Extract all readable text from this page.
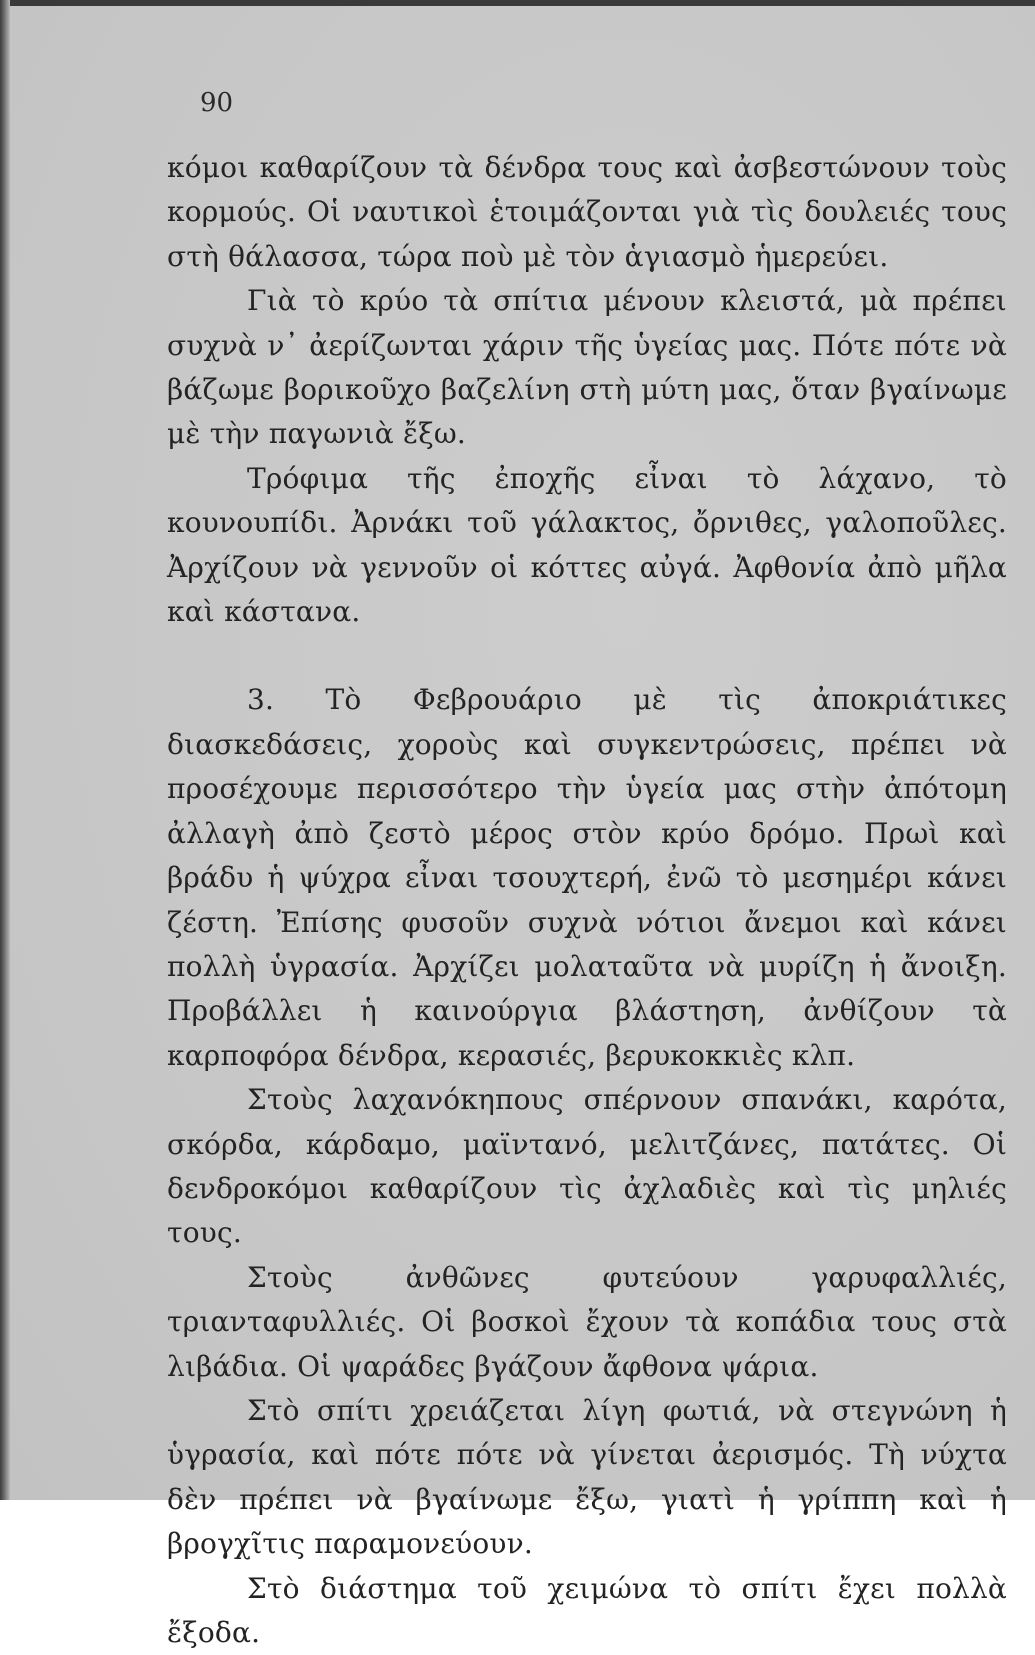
90

κόμοι καθαρίζουν τὰ δένδρα τους καὶ ἀσβεστώνουν τοὺς κορμούς. Οἱ ναυτικοὶ ἑτοιμάζονται γιὰ τὶς δουλειές τους στὴ θάλασσα, τώρα ποὺ μὲ τὸν ἁγιασμὸ ἡμερεύει.

Γιὰ τὸ κρύο τὰ σπίτια μένουν κλειστά, μὰ πρέπει συχνὰ ν᾽ ἀερίζωνται χάριν τῆς ὑγείας μας. Πότε πότε νὰ βάζωμε βορικοῦχο βαζελίνη στὴ μύτη μας, ὅταν βγαίνωμε μὲ τὴν παγωνιὰ ἔξω.

Τρόφιμα τῆς ἐποχῆς εἶναι τὸ λάχανο, τὸ κουνουπίδι. Ἀρνάκι τοῦ γάλακτος, ὄρνιθες, γαλοποῦλες. Ἀρχίζουν νὰ γεννοῦν οἱ κόττες αὐγά. Ἀφθονία ἀπὸ μῆλα καὶ κάστανα.

3. Τὸ Φεβρουάριο μὲ τὶς ἀποκριάτικες διασκεδάσεις, χοροὺς καὶ συγκεντρώσεις, πρέπει νὰ προσέχουμε περισσότερο τὴν ὑγεία μας στὴν ἀπότομη ἀλλαγὴ ἀπὸ ζεστὸ μέρος στὸν κρύο δρόμο. Πρωὶ καὶ βράδυ ἡ ψύχρα εἶναι τσουχτερή, ἐνῶ τὸ μεσημέρι κάνει ζέστη. Ἐπίσης φυσοῦν συχνὰ νότιοι ἄνεμοι καὶ κάνει πολλὴ ὑγρασία. Ἀρχίζει μολαταῦτα νὰ μυρίζη ἡ ἄνοιξη. Προβάλλει ἡ καινούργια βλάστηση, ἀνθίζουν τὰ καρποφόρα δένδρα, κερασιές, βερυκοκκιὲς κλπ.

Στοὺς λαχανόκηπους σπέρνουν σπανάκι, καρότα, σκόρδα, κάρδαμο, μαϊντανό, μελιτζάνες, πατάτες. Οἱ δενδροκόμοι καθαρίζουν τὶς ἀχλαδιὲς καὶ τὶς μηλιές τους.

Στοὺς ἀνθῶνες φυτεύουν γαρυφαλλιές, τριανταφυλλιές. Οἱ βοσκοὶ ἔχουν τὰ κοπάδια τους στὰ λιβάδια. Οἱ ψαράδες βγάζουν ἄφθονα ψάρια.

Στὸ σπίτι χρειάζεται λίγη φωτιά, νὰ στεγνώνη ἡ ὑγρασία, καὶ πότε πότε νὰ γίνεται ἀερισμός. Τὴ νύχτα δὲν πρέπει νὰ βγαίνωμε ἔξω, γιατὶ ἡ γρίππη καὶ ἡ βρογχῖτις παραμονεύουν.

Στὸ διάστημα τοῦ χειμώνα τὸ σπίτι ἔχει πολλὰ ἔξοδα.
